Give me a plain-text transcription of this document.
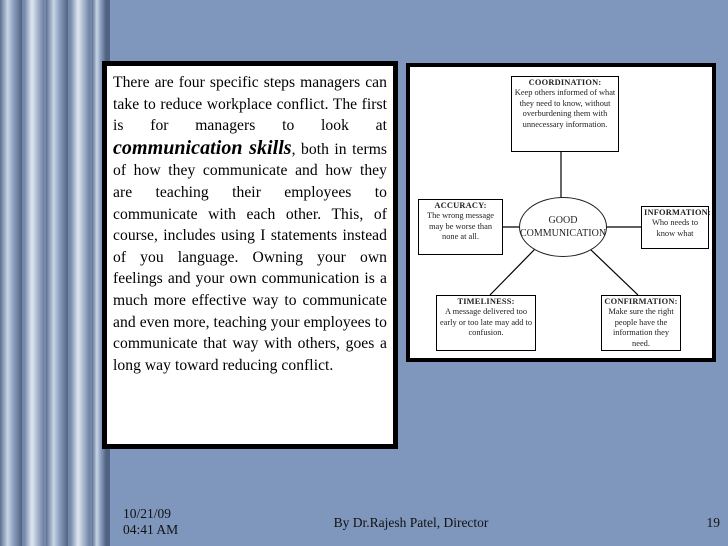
There are four specific steps managers can take to reduce workplace conflict. The first is for managers to look at communication skills, both in terms of how they communicate and how they are teaching their employees to communicate with each other. This, of course, includes using I statements instead of you language. Owning your own feelings and your own communication is a much more effective way to communicate and even more, teaching your employees to communicate that way with others, goes a long way toward reducing conflict.
COORDINATION:
Keep others informed of what they need to know, without overburdening them with unnecessary information.
GOOD
COMMUNICATION
ACCURACY:
The wrong message may be worse than none at all.
INFORMATION:
Who needs to know what
TIMELINESS:
A message delivered too early or too late may add to confusion.
CONFIRMATION:
Make sure the right people have the information they need.
10/21/09
04:41 AM	By Dr.Rajesh Patel, Director	19
